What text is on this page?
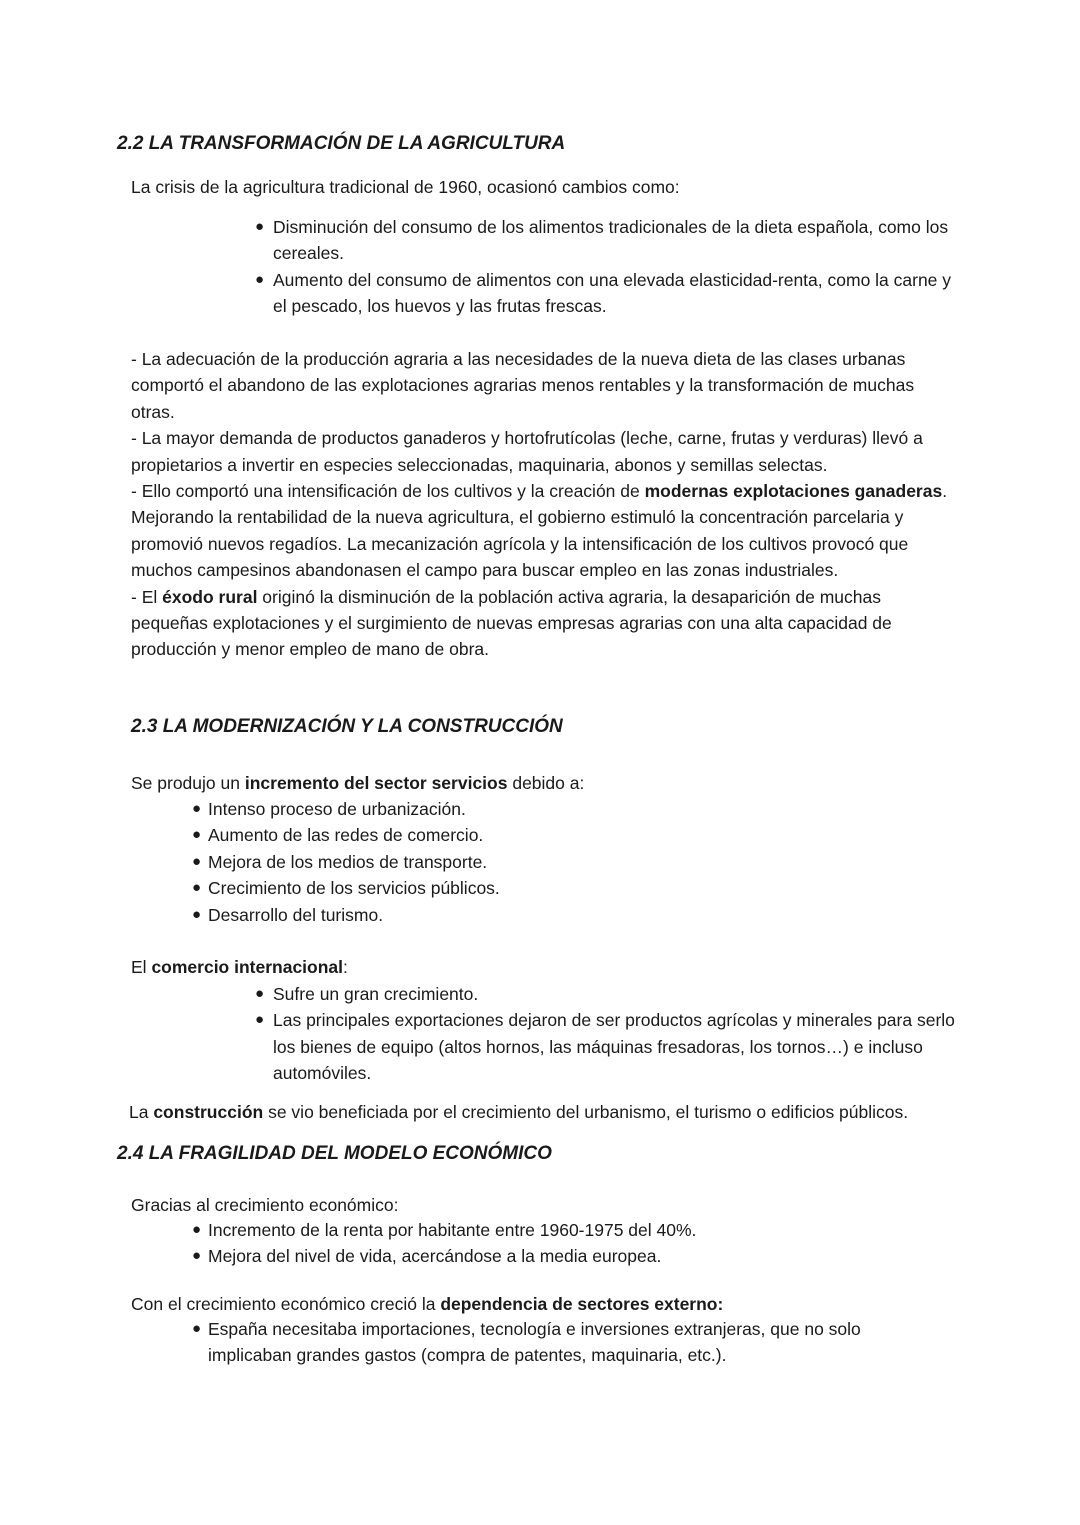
2.2 LA TRANSFORMACIÓN DE LA AGRICULTURA

La crisis de la agricultura tradicional de 1960, ocasionó cambios como:

● Disminución del consumo de los alimentos tradicionales de la dieta española, como los cereales.
● Aumento del consumo de alimentos con una elevada elasticidad-renta, como la carne y el pescado, los huevos y las frutas frescas.
- La adecuación de la producción agraria a las necesidades de la nueva dieta de las clases urbanas comportó el abandono de las explotaciones agrarias menos rentables y la transformación de muchas otras.
- La mayor demanda de productos ganaderos y hortofrutícolas (leche, carne, frutas y verduras) llevó a propietarios a invertir en especies seleccionadas, maquinaria, abonos y semillas selectas.
- Ello comportó una intensificación de los cultivos y la creación de modernas explotaciones ganaderas. Mejorando la rentabilidad de la nueva agricultura, el gobierno estimuló la concentración parcelaria y promovió nuevos regadíos. La mecanización agrícola y la intensificación de los cultivos provocó que muchos campesinos abandonasen el campo para buscar empleo en las zonas industriales.
- El éxodo rural originó la disminución de la población activa agraria, la desaparición de muchas pequeñas explotaciones y el surgimiento de nuevas empresas agrarias con una alta capacidad de producción y menor empleo de mano de obra.
2.3 LA MODERNIZACIÓN Y LA CONSTRUCCIÓN

Se produjo un incremento del sector servicios debido a:

● Intenso proceso de urbanización.
● Aumento de las redes de comercio.
● Mejora de los medios de transporte.
● Crecimiento de los servicios públicos.
● Desarrollo del turismo.

El comercio internacional:

● Sufre un gran crecimiento.
● Las principales exportaciones dejaron de ser productos agrícolas y minerales para serlo los bienes de equipo (altos hornos, las máquinas fresadoras, los tornos…) e incluso automóviles.

La construcción se vio beneficiada por el crecimiento del urbanismo, el turismo o edificios públicos.

2.4 LA FRAGILIDAD DEL MODELO ECONÓMICO

Gracias al crecimiento económico:

● Incremento de la renta por habitante entre 1960-1975 del 40%.
● Mejora del nivel de vida, acercándose a la media europea.

Con el crecimiento económico creció la dependencia de sectores externo:

● España necesitaba importaciones, tecnología e inversiones extranjeras, que no solo implicaban grandes gastos (compra de patentes, maquinaria, etc.).
